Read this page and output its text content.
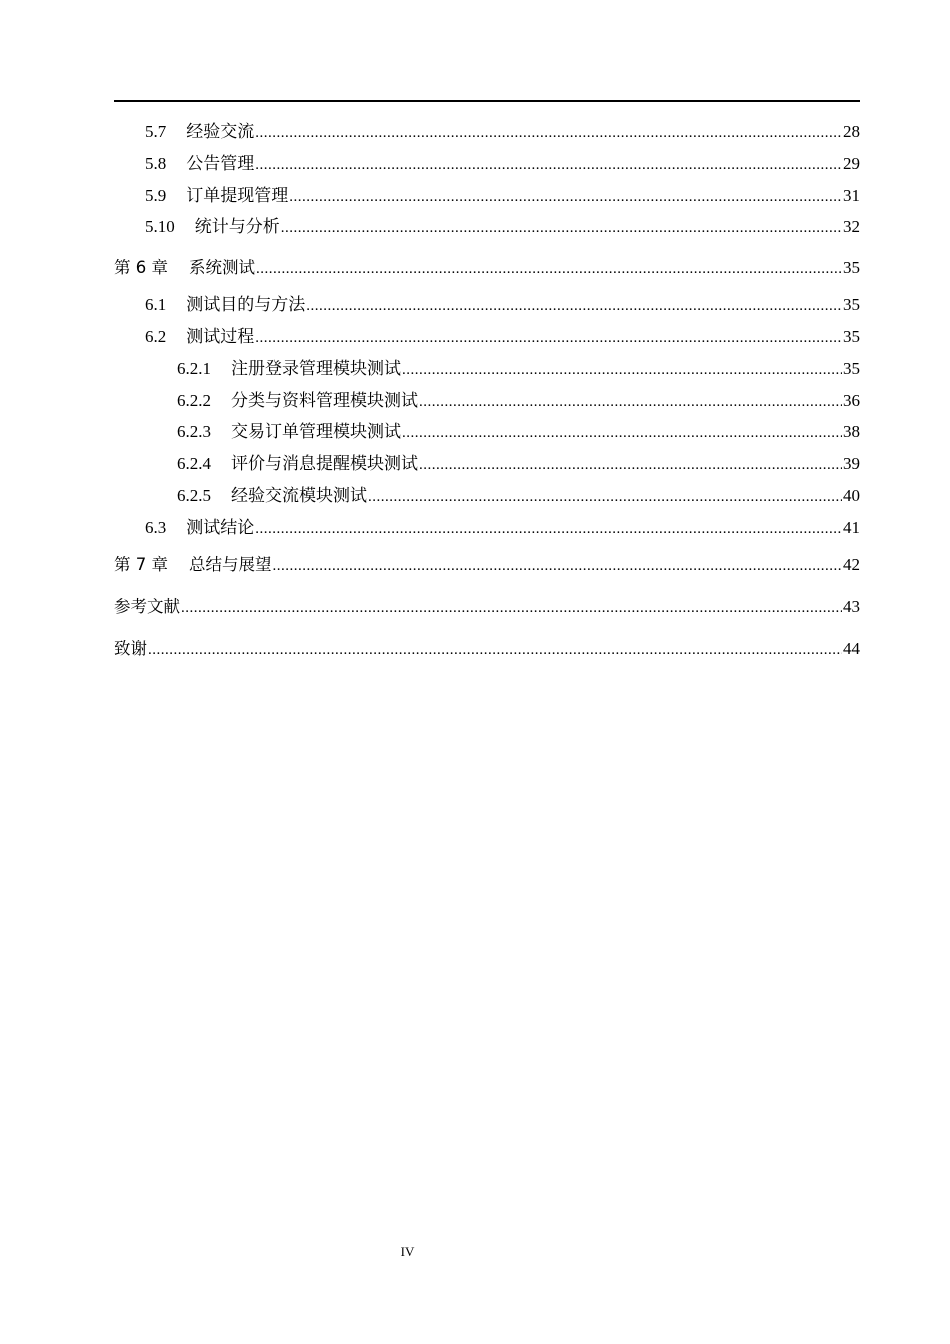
5.7 经验交流 .....	28
5.8 公告管理 .....	29
5.9 订单提现管理 .....	31
5.10 统计与分析 .....	32
第 6 章 系统测试 .....	35
6.1 测试目的与方法 .....	35
6.2 测试过程 .....	35
6.2.1 注册登录管理模块测试 .....	35
6.2.2 分类与资料管理模块测试 .....	36
6.2.3 交易订单管理模块测试 .....	38
6.2.4 评价与消息提醒模块测试 .....	39
6.2.5 经验交流模块测试 .....	40
6.3 测试结论 .....	41
第 7 章 总结与展望 .....	42
参考文献 .....	43
致谢 .....	44
IV
